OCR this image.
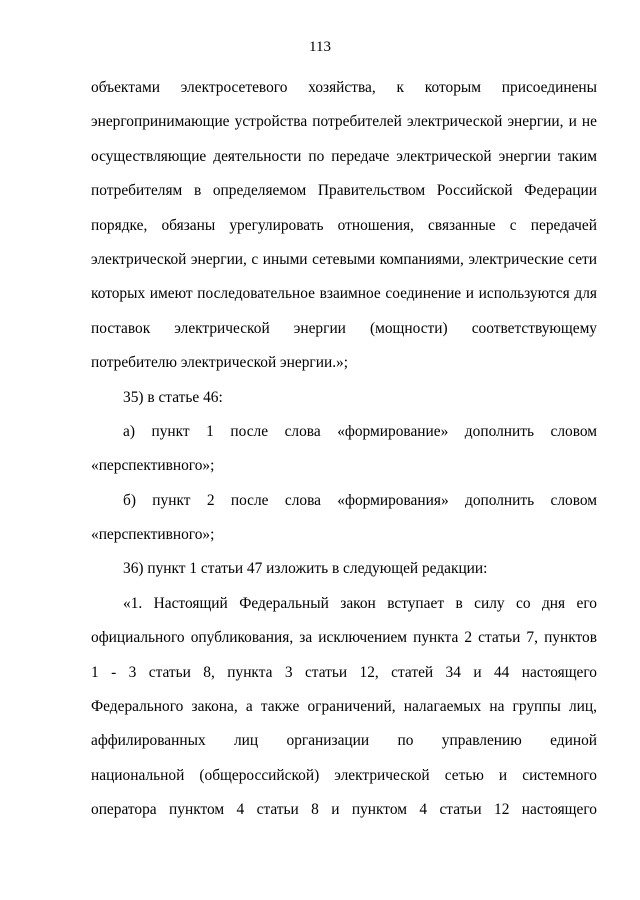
113
объектами электросетевого хозяйства, к которым присоединены
энергопринимающие устройства потребителей электрической энергии, и не
осуществляющие деятельности по передаче электрической энергии таким
потребителям в определяемом Правительством Российской Федерации
порядке, обязаны урегулировать отношения, связанные с передачей
электрической энергии, с иными сетевыми компаниями, электрические сети
которых имеют последовательное взаимное соединение и используются для
поставок электрической энергии (мощности) соответствующему
потребителю электрической энергии.»;
35) в статье 46:
а) пункт 1 после слова «формирование» дополнить словом
«перспективного»;
б) пункт 2 после слова «формирования» дополнить словом
«перспективного»;
36) пункт 1 статьи 47 изложить в следующей редакции:
«1. Настоящий Федеральный закон вступает в силу со дня его
официального опубликования, за исключением пункта 2 статьи 7, пунктов
1 - 3 статьи 8, пункта 3 статьи 12, статей 34 и 44 настоящего
Федерального закона, а также ограничений, налагаемых на группы лиц,
аффилированных лиц организации по управлению единой
национальной (общероссийской) электрической сетью и системного
оператора пунктом 4 статьи 8 и пунктом 4 статьи 12 настоящего
